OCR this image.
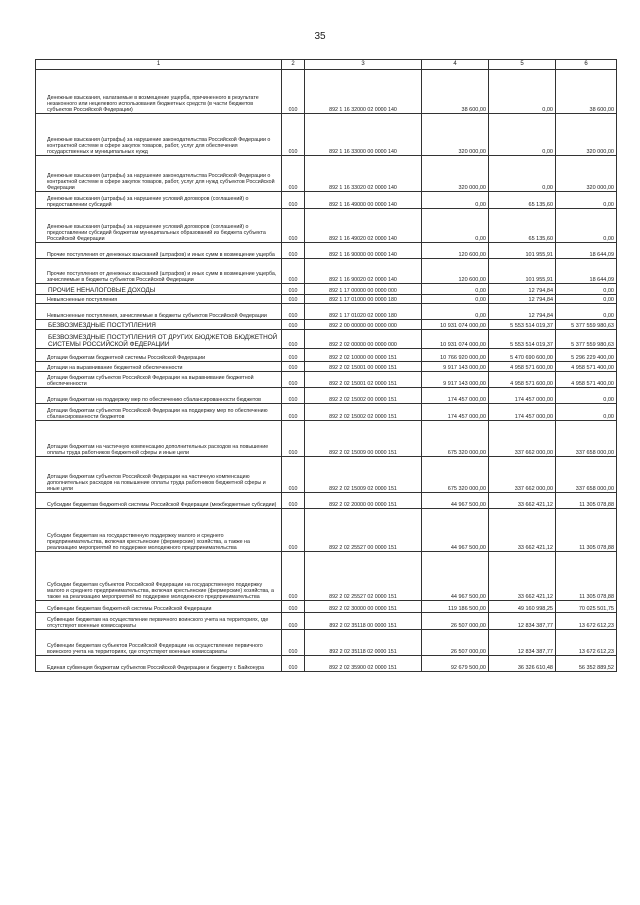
35
1	2	3	4	5	6
Денежные взыскания, налагаемые в возмещение ущерба, причиненного в результате незаконного или нецелевого использования бюджетных средств (в части бюджетов субъектов Российской Федерации)	010	892 1 16 32000 02 0000 140	38 600,00	0,00	38 600,00
Денежные взыскания (штрафы) за нарушение законодательства Российской Федерации о контрактной системе в сфере закупок товаров, работ, услуг для обеспечения государственных и муниципальных нужд	010	892 1 16 33000 00 0000 140	320 000,00	0,00	320 000,00
Денежные взыскания (штрафы) за нарушение законодательства Российской Федерации о контрактной системе в сфере закупок товаров, работ, услуг для нужд субъектов Российской Федерации	010	892 1 16 33020 02 0000 140	320 000,00	0,00	320 000,00
Денежные взыскания (штрафы) за нарушение условий договоров (соглашений) о предоставлении субсидий	010	892 1 16 49000 00 0000 140	0,00	65 135,60	0,00
Денежные взыскания (штрафы) за нарушение условий договоров (соглашений) о предоставлении субсидий бюджетам муниципальных образований из бюджета субъекта Российской Федерации	010	892 1 16 49020 02 0000 140	0,00	65 135,60	0,00
Прочие поступления от денежных взысканий (штрафов) и иных сумм в возмещение ущерба	010	892 1 16 90000 00 0000 140	120 600,00	101 955,91	18 644,09
Прочие поступления от денежных взысканий (штрафов) и иных сумм в возмещение ущерба, зачисляемые в бюджеты субъектов Российской Федерации	010	892 1 16 90020 02 0000 140	120 600,00	101 955,91	18 644,09
ПРОЧИЕ НЕНАЛОГОВЫЕ ДОХОДЫ	010	892 1 17 00000 00 0000 000	0,00	12 794,84	0,00
Невыясненные поступления	010	892 1 17 01000 00 0000 180	0,00	12 794,84	0,00
Невыясненные поступления, зачисляемые в бюджеты субъектов Российской Федерации	010	892 1 17 01020 02 0000 180	0,00	12 794,84	0,00
БЕЗВОЗМЕЗДНЫЕ ПОСТУПЛЕНИЯ	010	892 2 00 00000 00 0000 000	10 931 074 000,00	5 553 514 019,37	5 377 559 980,63
БЕЗВОЗМЕЗДНЫЕ ПОСТУПЛЕНИЯ ОТ ДРУГИХ БЮДЖЕТОВ БЮДЖЕТНОЙ СИСТЕМЫ РОССИЙСКОЙ ФЕДЕРАЦИИ	010	892 2 02 00000 00 0000 000	10 931 074 000,00	5 553 514 019,37	5 377 559 980,63
Дотации бюджетам бюджетной системы Российской Федерации	010	892 2 02 10000 00 0000 151	10 766 920 000,00	5 470 690 600,00	5 296 229 400,00
Дотации на выравнивание бюджетной обеспеченности	010	892 2 02 15001 00 0000 151	9 917 143 000,00	4 958 571 600,00	4 958 571 400,00
Дотации бюджетам субъектов Российской Федерации на выравнивание бюджетной обеспеченности	010	892 2 02 15001 02 0000 151	9 917 143 000,00	4 958 571 600,00	4 958 571 400,00
Дотации бюджетам на поддержку мер по обеспечению сбалансированности бюджетов	010	892 2 02 15002 00 0000 151	174 457 000,00	174 457 000,00	0,00
Дотации бюджетам субъектов Российской Федерации на поддержку мер по обеспечению сбалансированности бюджетов	010	892 2 02 15002 02 0000 151	174 457 000,00	174 457 000,00	0,00
Дотации бюджетам на частичную компенсацию дополнительных расходов на повышение оплаты труда работников бюджетной сферы и иные цели	010	892 2 02 15009 00 0000 151	675 320 000,00	337 662 000,00	337 658 000,00
Дотации бюджетам субъектов Российской Федерации на частичную компенсацию дополнительных расходов на повышение оплаты труда работников бюджетной сферы и иные цели	010	892 2 02 15009 02 0000 151	675 320 000,00	337 662 000,00	337 658 000,00
Субсидии бюджетам бюджетной системы Российской Федерации (межбюджетные субсидии)	010	892 2 02 20000 00 0000 151	44 967 500,00	33 662 421,12	11 305 078,88
Субсидии бюджетам на государственную поддержку малого и среднего предпринимательства, включая крестьянские (фермерские) хозяйства, а также на реализацию мероприятий по поддержке молодежного предпринимательства	010	892 2 02 25527 00 0000 151	44 967 500,00	33 662 421,12	11 305 078,88
Субсидии бюджетам субъектов Российской Федерации на государственную поддержку малого и среднего предпринимательства, включая крестьянские (фермерские) хозяйства, а также на реализацию мероприятий по поддержке молодежного предпринимательства	010	892 2 02 25527 02 0000 151	44 967 500,00	33 662 421,12	11 305 078,88
Субвенции бюджетам бюджетной системы Российской Федерации	010	892 2 02 30000 00 0000 151	119 186 500,00	49 160 998,25	70 025 501,75
Субвенции бюджетам на осуществление первичного воинского учета на территориях, где отсутствуют военные комиссариаты	010	892 2 02 35118 00 0000 151	26 507 000,00	12 834 387,77	13 672 612,23
Субвенции бюджетам субъектов Российской Федерации на осуществление первичного воинского учета на территориях, где отсутствуют военные комиссариаты	010	892 2 02 35118 02 0000 151	26 507 000,00	12 834 387,77	13 672 612,23
Единая субвенция бюджетам субъектов Российской Федерации и бюджету г. Байконура	010	892 2 02 35900 02 0000 151	92 679 500,00	36 326 610,48	56 352 889,52
